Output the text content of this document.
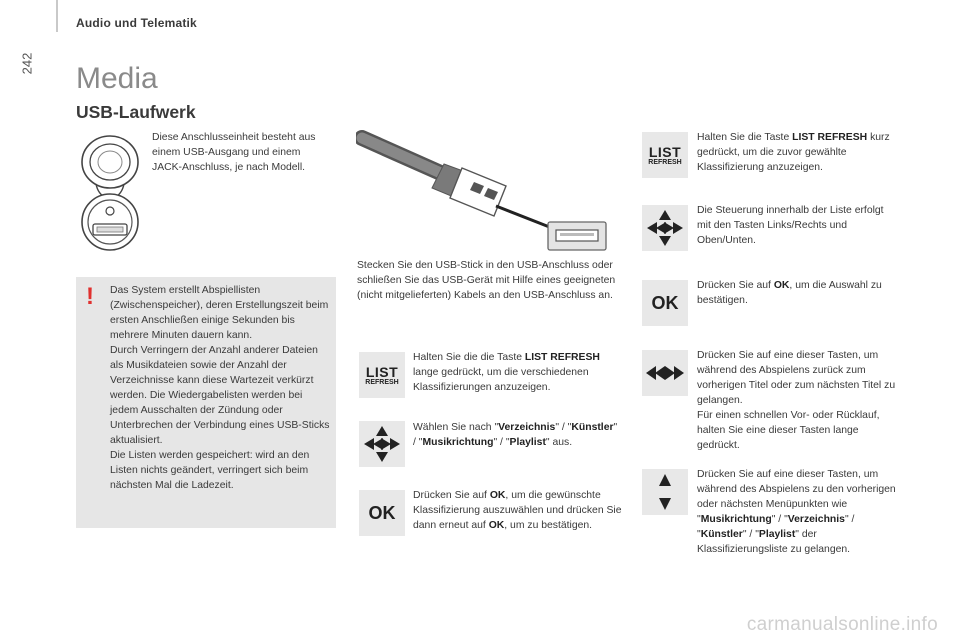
Audio und Telematik
242 Media
USB-Laufwerk
Diese Anschlusseinheit besteht aus einem USB-Ausgang und einem JACK-Anschluss, je nach Modell.
! Das System erstellt Abspiellisten (Zwischenspeicher), deren Erstellungszeit beim ersten Anschließen einige Sekunden bis mehrere Minuten dauern kann.
Durch Verringern der Anzahl anderer Dateien als Musikdateien sowie der Anzahl der Verzeichnisse kann diese Wartezeit verkürzt werden. Die Wiedergabelisten werden bei jedem Ausschalten der Zündung oder Unterbrechen der Verbindung eines USB-Sticks aktualisiert.
Die Listen werden gespeichert: wird an den Listen nichts geändert, verringert sich beim nächsten Mal die Ladezeit.
Stecken Sie den USB-Stick in den USB-Anschluss oder schließen Sie das USB-Gerät mit Hilfe eines geeigneten (nicht mitgelieferten) Kabels an den USB-Anschluss an.
LIST
REFRESH
Halten Sie die die Taste LIST REFRESH lange gedrückt, um die verschiedenen Klassifizierungen anzuzeigen.
Wählen Sie nach "Verzeichnis" / "Künstler" / "Musikrichtung" / "Playlist" aus.
OK
Drücken Sie auf OK, um die gewünschte Klassifizierung auszuwählen und drücken Sie dann erneut auf OK, um zu bestätigen.
LIST
REFRESH
Halten Sie die Taste LIST REFRESH kurz gedrückt, um die zuvor gewählte Klassifizierung anzuzeigen.
Die Steuerung innerhalb der Liste erfolgt mit den Tasten Links/Rechts und Oben/Unten.
OK
Drücken Sie auf OK, um die Auswahl zu bestätigen.
Drücken Sie auf eine dieser Tasten, um während des Abspielens zurück zum vorherigen Titel oder zum nächsten Titel zu gelangen.
Für einen schnellen Vor- oder Rücklauf, halten Sie eine dieser Tasten lange gedrückt.
Drücken Sie auf eine dieser Tasten, um während des Abspielens zu den vorherigen oder nächsten Menüpunkten wie "Musikrichtung" / "Verzeichnis" / "Künstler" / "Playlist" der Klassifizierungsliste zu gelangen.
carmanualsonline.info
